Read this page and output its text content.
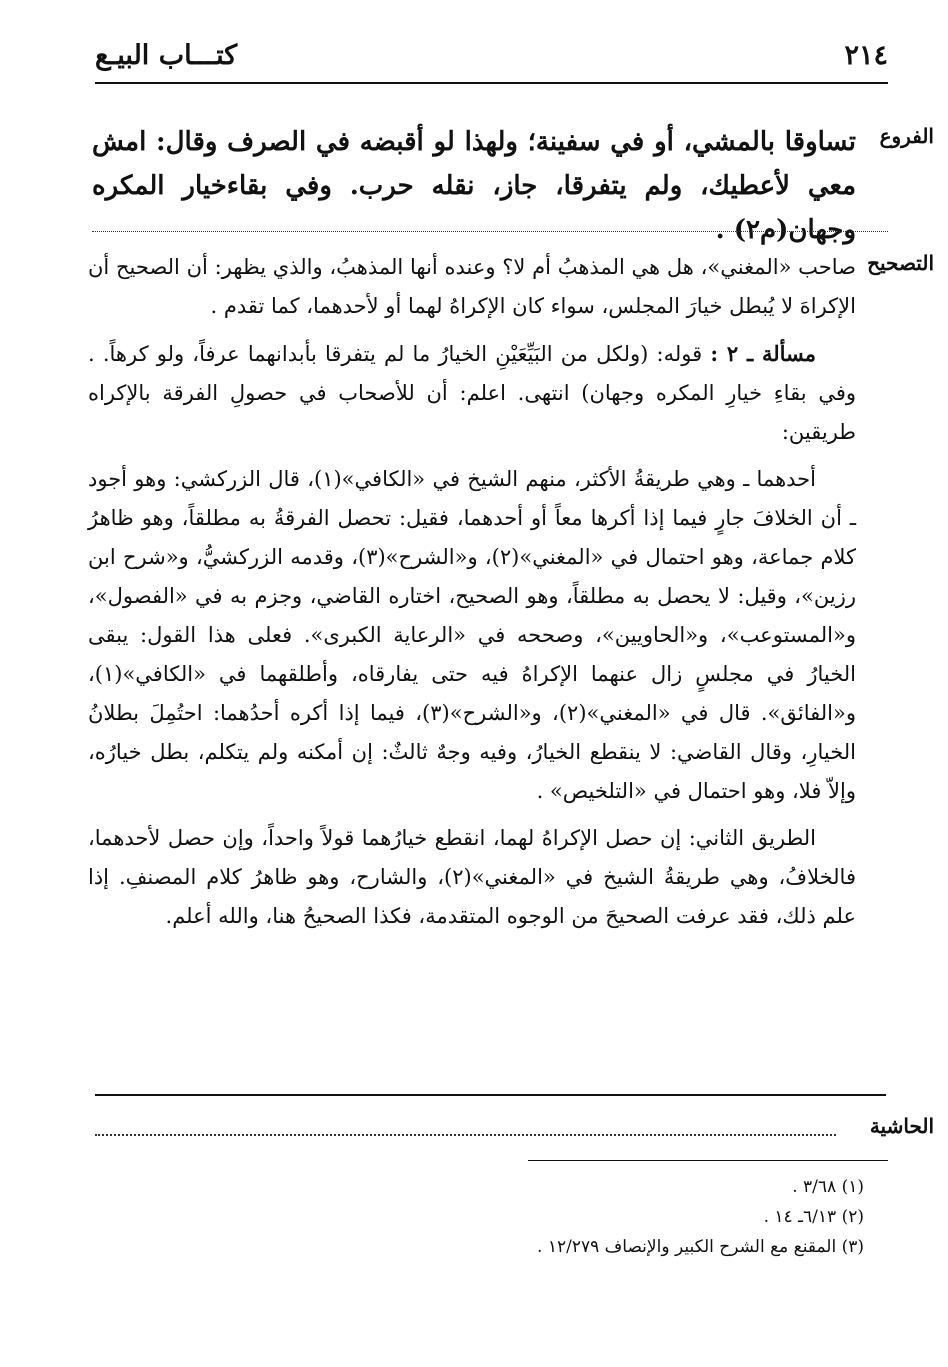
كتـــاب البيـع	٢١٤
الفروع
تساوقا بالمشي، أو في سفينة؛ ولهذا لو أقبضه في الصرف وقال: امش معي لأعطيك، ولم يتفرقا، جاز، نقله حرب. وفي بقاءخيار المكره وجهان(م٢) .
التصحيح

صاحب «المغني»، هل هي المذهبُ أم لا؟ وعنده أنها المذهبُ، والذي يظهر: أن الصحيح أن الإكراهَ لا يُبطل خيارَ المجلس، سواء كان الإكراهُ لهما أو لأحدهما، كما تقدم .

مسألة ـ ٢ : قوله: (ولكل من البَيِّعَيْنِ الخيارُ ما لم يتفرقا بأبدانهما عرفاً، ولو كرهاً. . وفي بقاءِ خيارِ المكره وجهان) انتهى. اعلم: أن للأصحاب في حصولِ الفرقة بالإكراه طريقين:

أحدهما ـ وهي طريقةُ الأكثر، منهم الشيخ في «الكافي»(١)، قال الزركشي: وهو أجود ـ أن الخلافَ جارٍ فيما إذا أكرها معاً أو أحدهما، فقيل: تحصل الفرقةُ به مطلقاً، وهو ظاهرُ كلام جماعة، وهو احتمال في «المغني»(٢)، و«الشرح»(٣)، وقدمه الزركشيُّ، و«شرح ابن رزين»، وقيل: لا يحصل به مطلقاً، وهو الصحيح، اختاره القاضي، وجزم به في «الفصول»، و«المستوعب»، و«الحاويين»، وصححه في «الرعاية الكبرى». فعلى هذا القول: يبقى الخيارُ في مجلسٍ زال عنهما الإكراهُ فيه حتى يفارقاه، وأطلقهما في «الكافي»(١)، و«الفائق». قال في «المغني»(٢)، و«الشرح»(٣)، فيما إذا أكره أحدُهما: احتُمِلَ بطلانُ الخيارِ، وقال القاضي: لا ينقطع الخيارُ، وفيه وجهٌ ثالثٌ: إن أمكنه ولم يتكلم، بطل خيارُه، وإلاّ فلا، وهو احتمال في «التلخيص» .

الطريق الثاني: إن حصل الإكراهُ لهما، انقطع خيارُهما قولاً واحداً، وإن حصل لأحدهما، فالخلافُ، وهي طريقةُ الشيخ في «المغني»(٢)، والشارح، وهو ظاهرُ كلام المصنفِ. إذا علم ذلك، فقد عرفت الصحيحَ من الوجوه المتقدمة، فكذا الصحيحُ هنا، والله أعلم.

الحاشية
(١) ٣/٦٨ .
(٢) ٦/١٣ـ ١٤ .
(٣) المقنع مع الشرح الكبير والإنصاف ١٢/٢٧٩ .
